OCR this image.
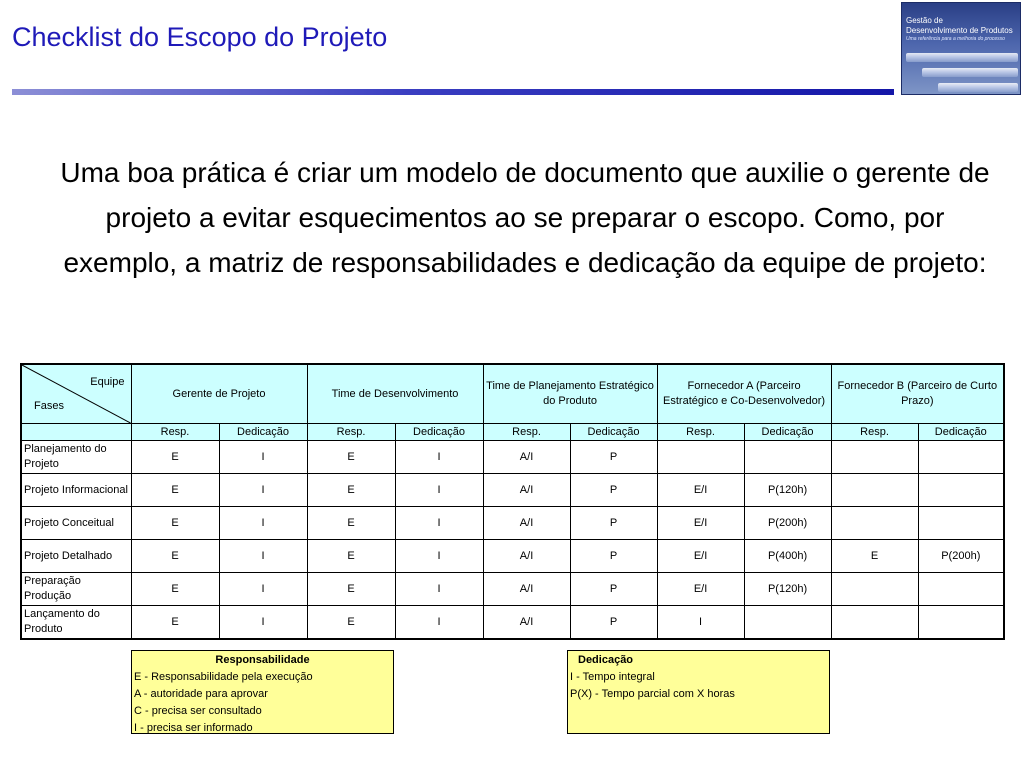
Checklist do Escopo do Projeto
Gestão de
Desenvolvimento de Produtos
Uma referência para a melhoria do processo
Uma boa prática é criar um modelo de documento que auxilie o gerente de projeto a evitar esquecimentos ao se preparar o escopo. Como, por exemplo, a matriz de responsabilidades e dedicação da equipe de projeto:
Equipe
Fases	Gerente de Projeto		Time de Desenvolvimento		Time de Planejamento Estratégico do Produto		Fornecedor A (Parceiro Estratégico e Co-Desenvolvedor)		Fornecedor B (Parceiro de Curto Prazo)	
	Resp.	Dedicação	Resp.	Dedicação	Resp.	Dedicação	Resp.	Dedicação	Resp.	Dedicação
Planejamento do Projeto	E	I	E	I	A/I	P				
Projeto Informacional	E	I	E	I	A/I	P	E/I	P(120h)		
Projeto Conceitual	E	I	E	I	A/I	P	E/I	P(200h)		
Projeto Detalhado	E	I	E	I	A/I	P	E/I	P(400h)	E	P(200h)
Preparação Produção	E	I	E	I	A/I	P	E/I	P(120h)		
Lançamento do Produto	E	I	E	I	A/I	P	I			
Responsabilidade
E - Responsabilidade pela execução
A - autoridade para aprovar
C - precisa ser consultado
I - precisa ser informado
Dedicação
I - Tempo integral
P(X) - Tempo parcial com X horas
